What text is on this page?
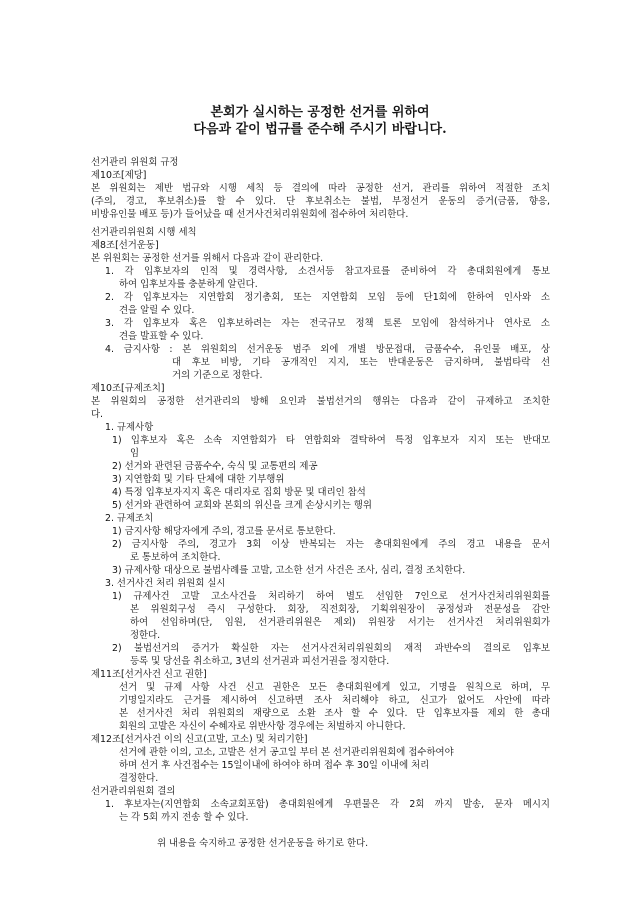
본회가 실시하는 공정한 선거를 위하여
다음과 같이 법규를 준수해 주시기 바랍니다.
선거관리 위원회 규정
제10조[제당]
본 위원회는 제반 법규와 시행 세칙 등 결의에 따라 공정한 선거, 관리를 위하여 적절한 조치
(주의, 경고, 후보취소)를 할 수 있다. 단 후보취소는 불법, 부정선거 운동의 증거(금품, 향응,
비방유인물 배포 등)가 들어났을 때 선거사건처리위원회에 접수하여 처리한다.
선거관리위원회 시행 세칙
제8조[선거운동]
본 위원회는 공정한 선거를 위해서 다음과 같이 관리한다.
1. 각 입후보자의 인적 및 경력사항, 소견서등 참고자료를 준비하여 각 총대회원에게 통보
하여 입후보자를 충분하게 알린다.
2. 각 입후보자는 지연합회 정기총회, 또는 지연합회 모임 등에 단1회에 한하여 인사와 소
견을 알릴 수 있다.
3. 각 입후보자 혹은 입후보하려는 자는 전국규모 정책 토론 모임에 참석하거나 연사로 소
견을 발표할 수 있다.
4. 금지사항 : 본 위원회의 선거운동 범주 외에 개별 방문접대, 금품수수, 유인물 배포, 상
대 후보 비방, 기타 공개적인 지지, 또는 반대운동은 금지하며, 불법타락 선
거의 기준으로 정한다.
제10조[규제조치]
본 위원회의 공정한 선거관리의 방해 요인과 불법선거의 행위는 다음과 같이 규제하고 조치한
다.
1. 규제사항
1) 입후보자 혹은 소속 지연합회가 타 연합회와 결탁하여 특정 입후보자 지지 또는 반대모
임
2) 선거와 관련된 금품수수, 숙식 및 교통편의 제공
3) 지연합회 및 기타 단체에 대한 기부행위
4) 특정 입후보자지지 혹은 대리자로 집회 방문 및 대리인 참석
5) 선거와 관련하여 교회와 본회의 위신을 크게 손상시키는 행위
2. 규제조치
1) 금지사항 해당자에게 주의, 경고를 문서로 통보한다.
2) 금지사항 주의, 경고가 3회 이상 반복되는 자는 총대회원에게 주의 경고 내용을 문서
로 통보하여 조치한다.
3) 규제사항 대상으로 불법사례를 고발, 고소한 선거 사건은 조사, 심리, 결정 조치한다.
3. 선거사건 처리 위원회 실시
1) 규제사건 고발 고소사건을 처리하기 하여 별도 선임한 7인으로 선거사건처리위원회를
본 위원회구성 즉시 구성한다. 회장, 직전회장, 기획위원장이 공정성과 전문성을 감안
하여 선임하며(단, 임원, 선거관리위원은 제외) 위원장 서기는 선거사건 처리위원회가
정한다.
2) 불법선거의 증거가 확실한 자는 선거사건처리위원회의 재적 과반수의 결의로 입후보
등록 및 당선을 취소하고, 3년의 선거권과 피선거권을 정지한다.
제11조[선거사건 신고 권한]
선거 및 규제 사항 사건 신고 권한은 모든 총대회원에게 있고, 기명을 원칙으로 하며, 무
기명일지라도 근거를 제시하여 신고하면 조사 처리해야 하고, 신고가 없어도 사안에 따라
본 선거사건 처리 위원회의 재량으로 소환 조사 할 수 있다. 단 입후보자를 제외 한 총대
회원의 고발은 자신이 수혜자로 위반사항 경우에는 처벌하지 아니한다.
제12조[선거사건 이의 신고(고발, 고소) 및 처리기한]
선거에 관한 이의, 고소, 고발은 선거 공고일 부터 본 선거관리위원회에 접수하여야
하며 선거 후 사건접수는 15일이내에 하여야 하며 접수 후 30일 이내에 처리
결정한다.
선거관리위원회 결의
1. 후보자는(지연합회 소속교회포함) 총대회원에게 우편물은 각 2회 까지 발송, 문자 메시지
는 각 5회 까지 전송 할 수 있다.
위 내용을 숙지하고 공정한 선거운동을 하기로 한다.
